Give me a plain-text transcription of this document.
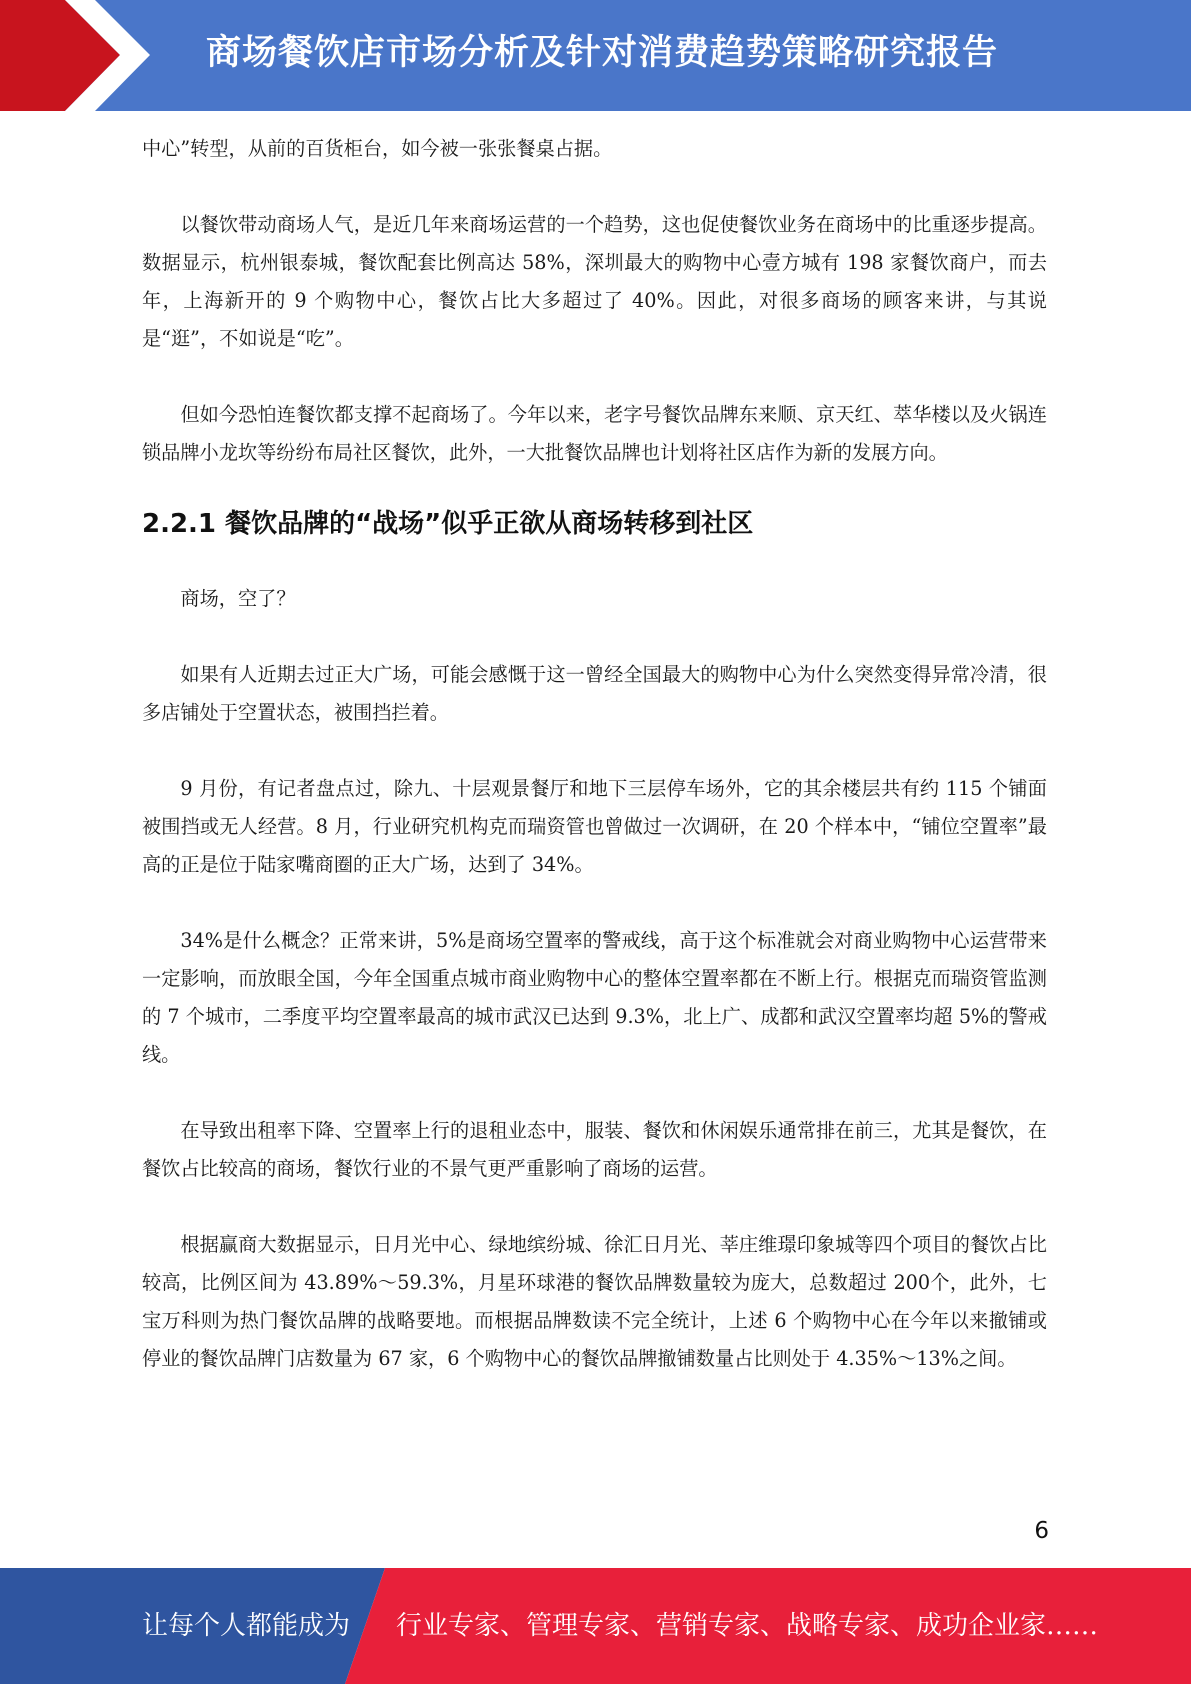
商场餐饮店市场分析及针对消费趋势策略研究报告

中心”转型，从前的百货柜台，如今被一张张餐桌占据。

以餐饮带动商场人气，是近几年来商场运营的一个趋势，这也促使餐饮业务在商场中的比重逐步提高。数据显示，杭州银泰城，餐饮配套比例高达 58%，深圳最大的购物中心壹方城有 198 家餐饮商户，而去年，上海新开的 9 个购物中心，餐饮占比大多超过了 40%。因此，对很多商场的顾客来讲，与其说是“逛”，不如说是“吃”。

但如今恐怕连餐饮都支撑不起商场了。今年以来，老字号餐饮品牌东来顺、京天红、萃华楼以及火锅连锁品牌小龙坎等纷纷布局社区餐饮，此外，一大批餐饮品牌也计划将社区店作为新的发展方向。

2.2.1 餐饮品牌的“战场”似乎正欲从商场转移到社区

商场，空了？

如果有人近期去过正大广场，可能会感慨于这一曾经全国最大的购物中心为什么突然变得异常冷清，很多店铺处于空置状态，被围挡拦着。

9 月份，有记者盘点过，除九、十层观景餐厅和地下三层停车场外，它的其余楼层共有约 115 个铺面被围挡或无人经营。8 月，行业研究机构克而瑞资管也曾做过一次调研，在 20 个样本中，“铺位空置率”最高的正是位于陆家嘴商圈的正大广场，达到了 34%。

34%是什么概念？正常来讲，5%是商场空置率的警戒线，高于这个标准就会对商业购物中心运营带来一定影响，而放眼全国，今年全国重点城市商业购物中心的整体空置率都在不断上行。根据克而瑞资管监测的 7 个城市，二季度平均空置率最高的城市武汉已达到 9.3%，北上广、成都和武汉空置率均超 5%的警戒线。

在导致出租率下降、空置率上行的退租业态中，服装、餐饮和休闲娱乐通常排在前三，尤其是餐饮，在餐饮占比较高的商场，餐饮行业的不景气更严重影响了商场的运营。

根据赢商大数据显示，日月光中心、绿地缤纷城、徐汇日月光、莘庄维璟印象城等四个项目的餐饮占比较高，比例区间为 43.89%～59.3%，月星环球港的餐饮品牌数量较为庞大，总数超过 200个，此外，七宝万科则为热门餐饮品牌的战略要地。而根据品牌数读不完全统计，上述 6 个购物中心在今年以来撤铺或停业的餐饮品牌门店数量为 67 家，6 个购物中心的餐饮品牌撤铺数量占比则处于 4.35%～13%之间。

6
让每个人都能成为 行业专家、管理专家、营销专家、战略专家、成功企业家……
